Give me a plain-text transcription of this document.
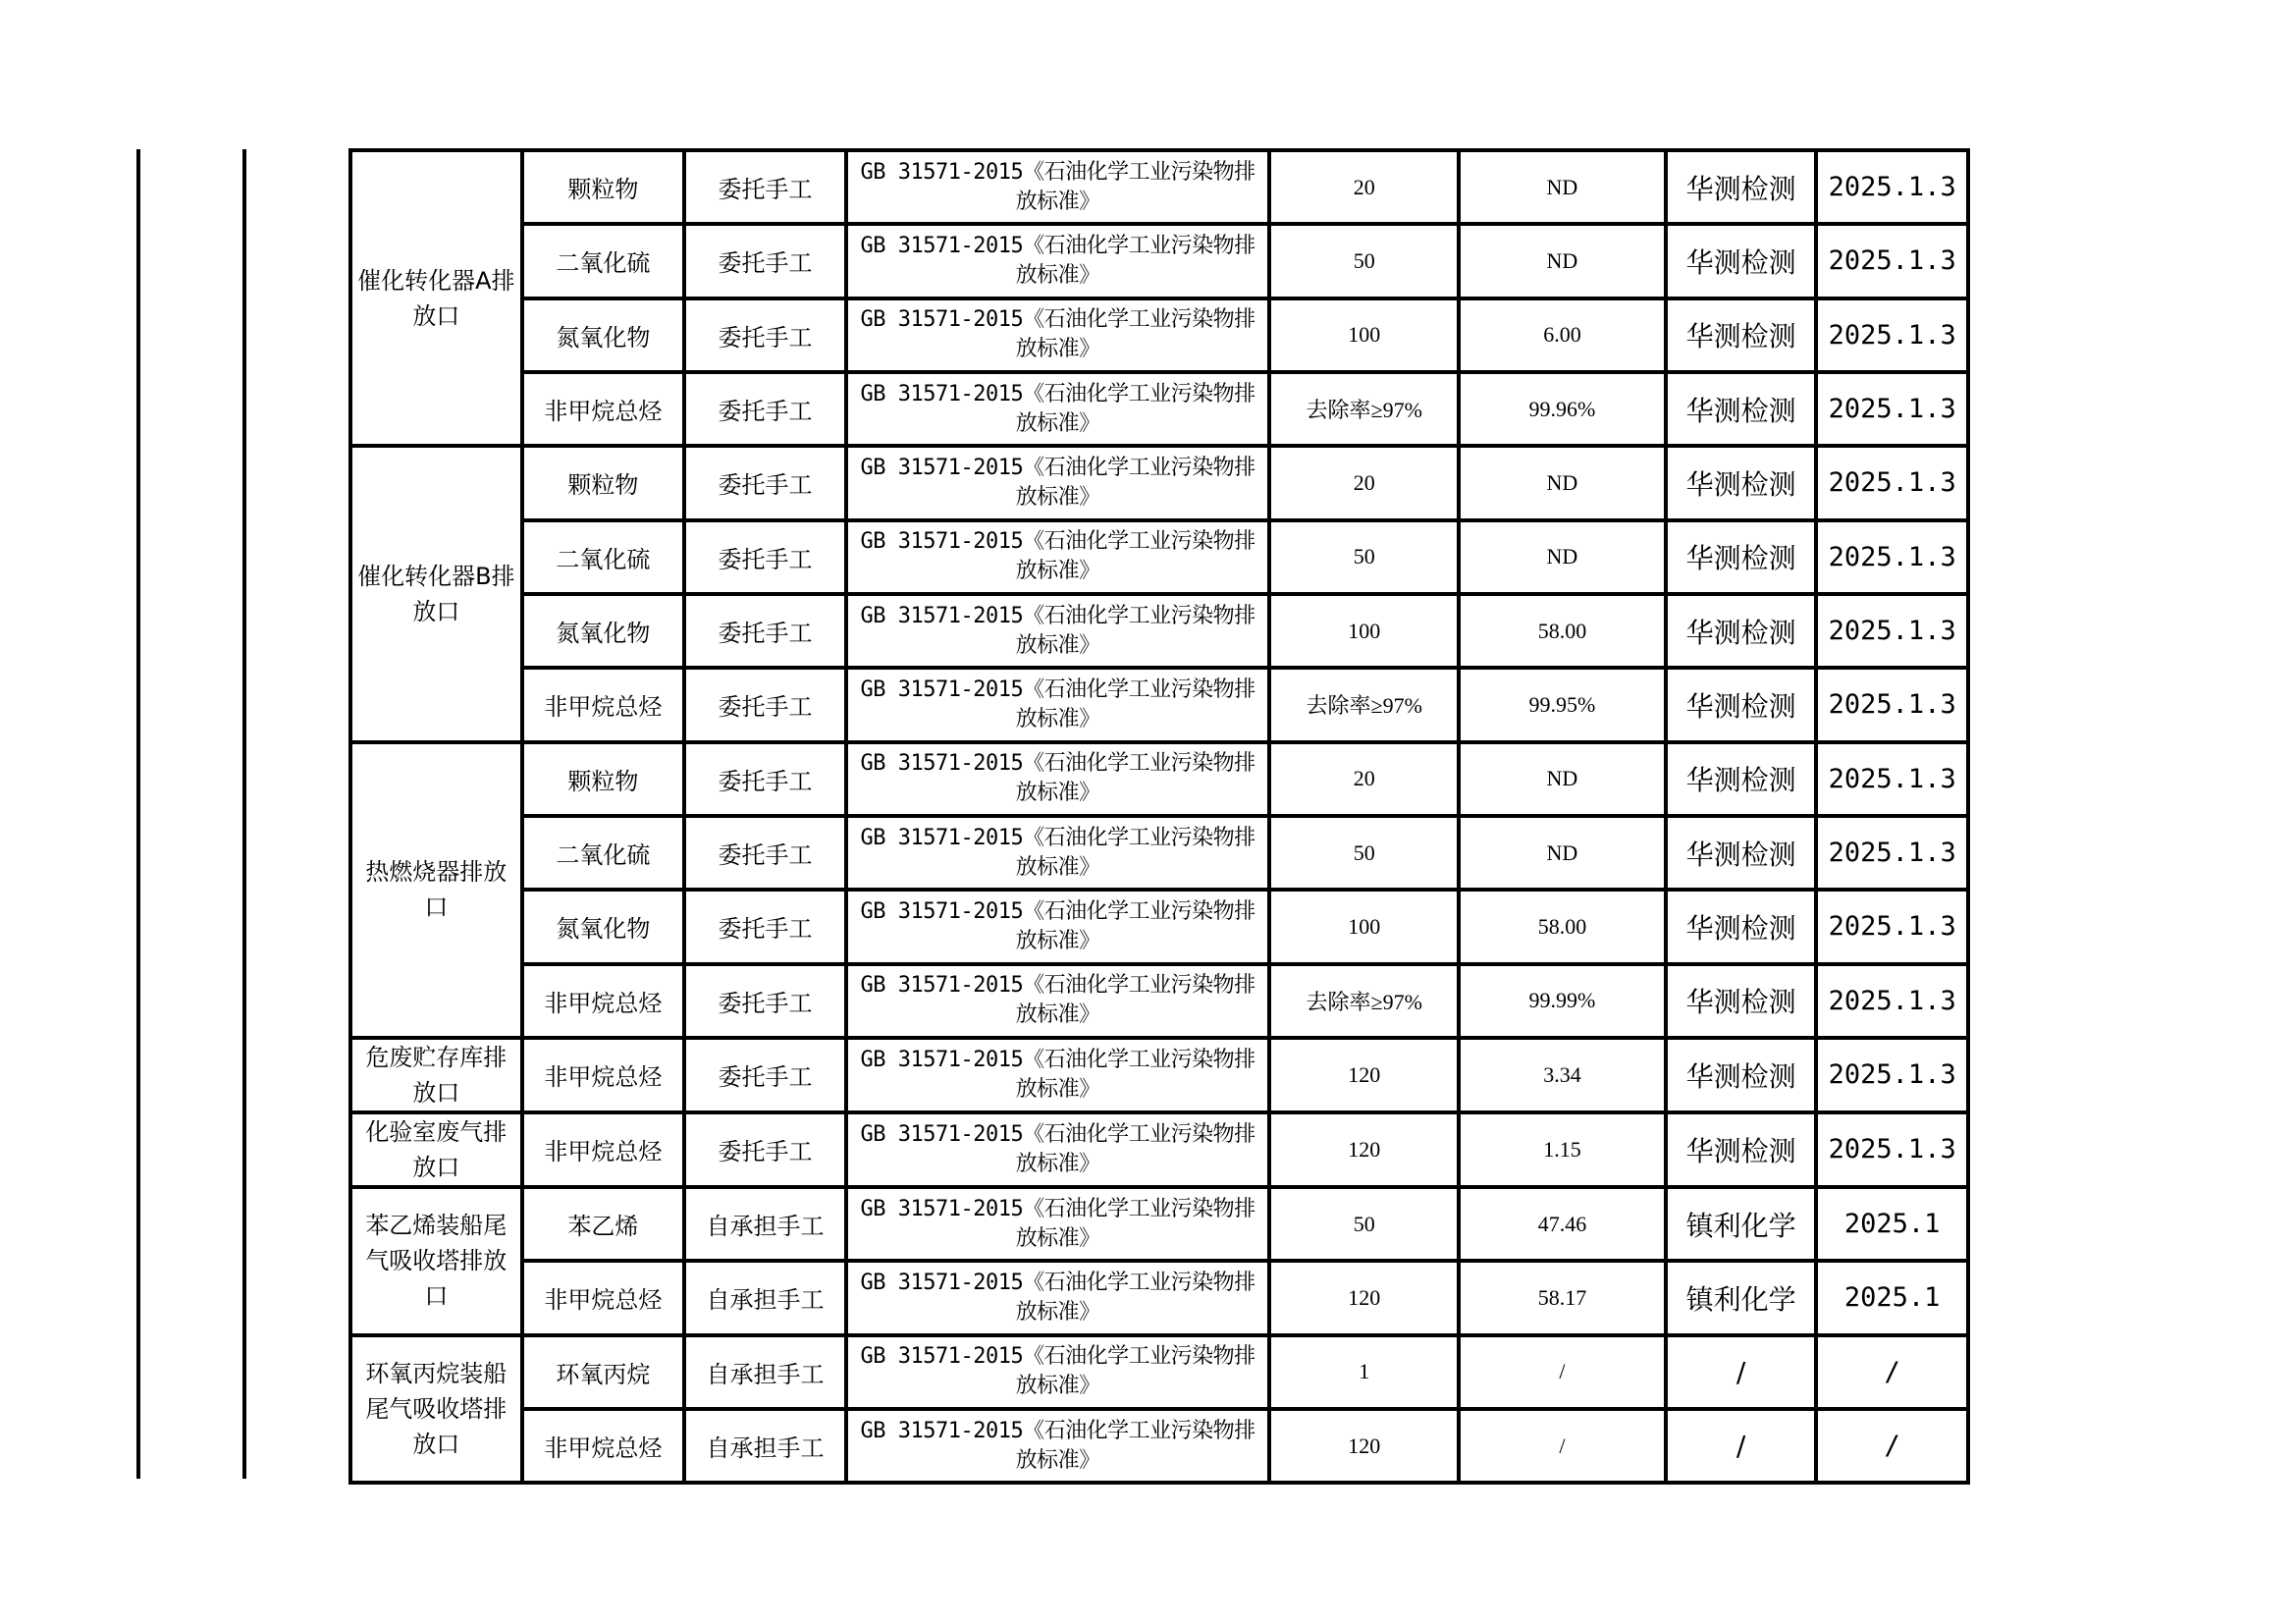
催化转化器A排放口	颗粒物	委托手工	GB 31571-2015《石油化学工业污染物排放标准》	20	ND	华测检测	2025.1.3
	二氧化硫	委托手工	GB 31571-2015《石油化学工业污染物排放标准》	50	ND	华测检测	2025.1.3
	氮氧化物	委托手工	GB 31571-2015《石油化学工业污染物排放标准》	100	6.00	华测检测	2025.1.3
	非甲烷总烃	委托手工	GB 31571-2015《石油化学工业污染物排放标准》	去除率≥97%	99.96%	华测检测	2025.1.3
催化转化器B排放口	颗粒物	委托手工	GB 31571-2015《石油化学工业污染物排放标准》	20	ND	华测检测	2025.1.3
	二氧化硫	委托手工	GB 31571-2015《石油化学工业污染物排放标准》	50	ND	华测检测	2025.1.3
	氮氧化物	委托手工	GB 31571-2015《石油化学工业污染物排放标准》	100	58.00	华测检测	2025.1.3
	非甲烷总烃	委托手工	GB 31571-2015《石油化学工业污染物排放标准》	去除率≥97%	99.95%	华测检测	2025.1.3
热燃烧器排放口	颗粒物	委托手工	GB 31571-2015《石油化学工业污染物排放标准》	20	ND	华测检测	2025.1.3
	二氧化硫	委托手工	GB 31571-2015《石油化学工业污染物排放标准》	50	ND	华测检测	2025.1.3
	氮氧化物	委托手工	GB 31571-2015《石油化学工业污染物排放标准》	100	58.00	华测检测	2025.1.3
	非甲烷总烃	委托手工	GB 31571-2015《石油化学工业污染物排放标准》	去除率≥97%	99.99%	华测检测	2025.1.3
危废贮存库排放口	非甲烷总烃	委托手工	GB 31571-2015《石油化学工业污染物排放标准》	120	3.34	华测检测	2025.1.3
化验室废气排放口	非甲烷总烃	委托手工	GB 31571-2015《石油化学工业污染物排放标准》	120	1.15	华测检测	2025.1.3
苯乙烯装船尾气吸收塔排放口	苯乙烯	自承担手工	GB 31571-2015《石油化学工业污染物排放标准》	50	47.46	镇利化学	2025.1
	非甲烷总烃	自承担手工	GB 31571-2015《石油化学工业污染物排放标准》	120	58.17	镇利化学	2025.1
环氧丙烷装船尾气吸收塔排放口	环氧丙烷	自承担手工	GB 31571-2015《石油化学工业污染物排放标准》	1	/	/	/
	非甲烷总烃	自承担手工	GB 31571-2015《石油化学工业污染物排放标准》	120	/	/	/
